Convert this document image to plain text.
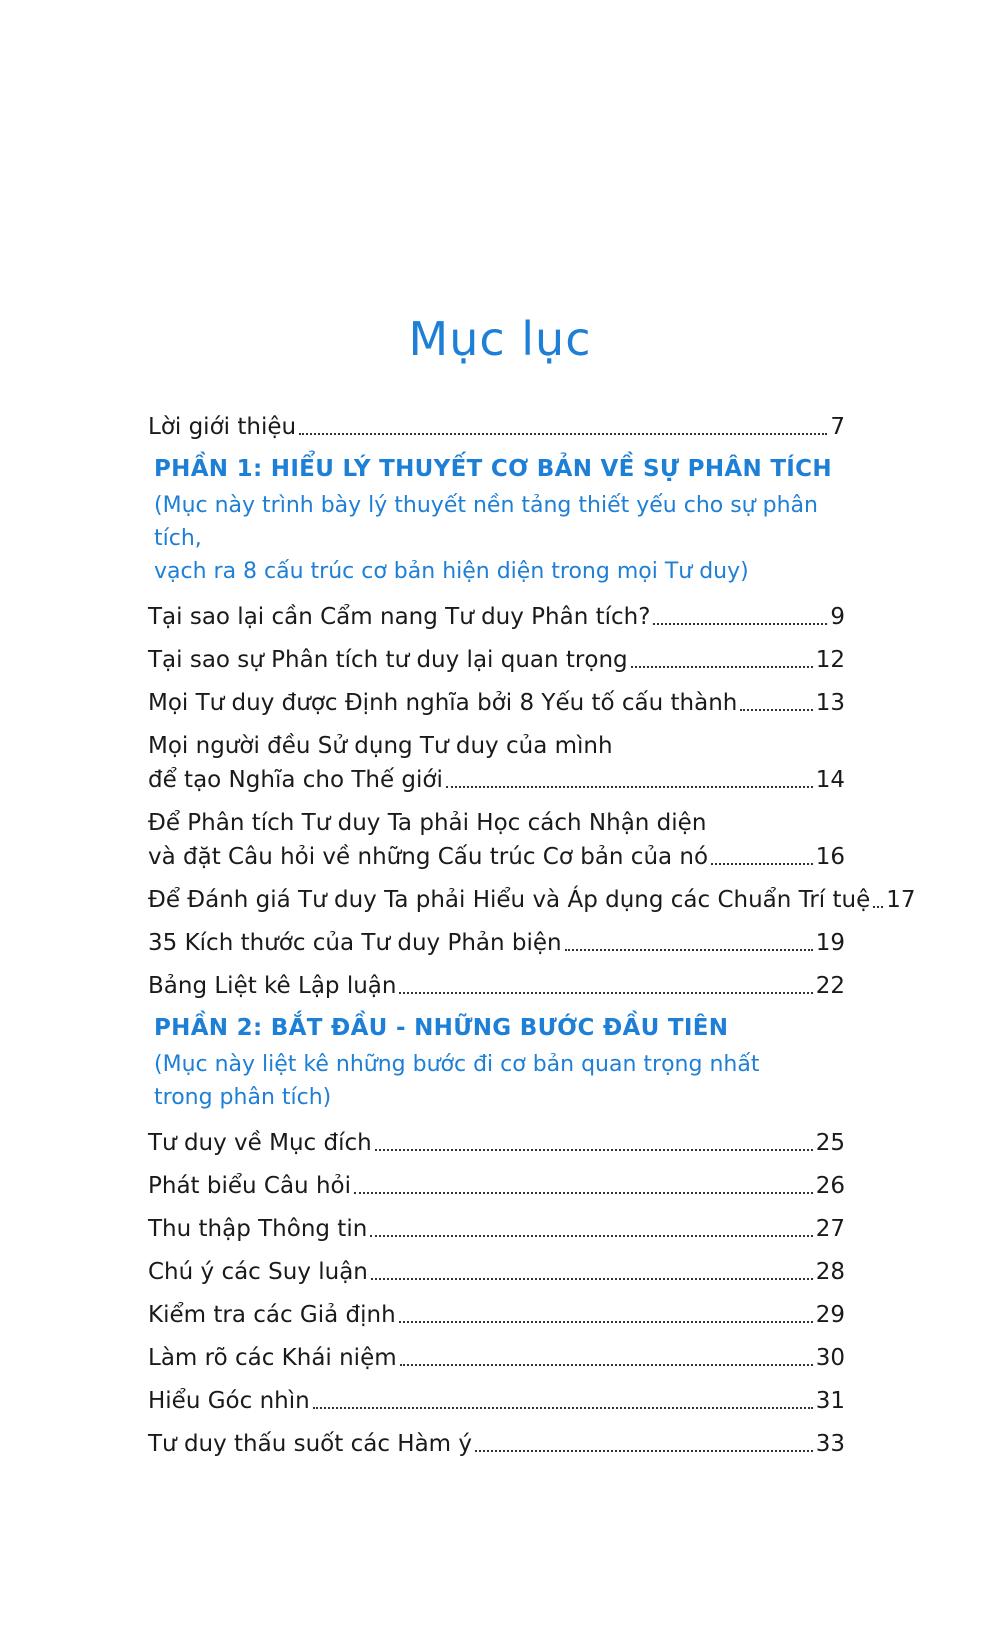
Mục lục
Lời giới thiệu	7
PHẦN 1: HIỂU LÝ THUYẾT CƠ BẢN VỀ SỰ PHÂN TÍCH
(Mục này trình bày lý thuyết nền tảng thiết yếu cho sự phân tích,
vạch ra 8 cấu trúc cơ bản hiện diện trong mọi Tư duy)
Tại sao lại cần Cẩm nang Tư duy Phân tích?	9
Tại sao sự Phân tích tư duy lại quan trọng	12
Mọi Tư duy được Định nghĩa bởi 8 Yếu tố cấu thành	13
Mọi người đều Sử dụng Tư duy của mình
để tạo Nghĩa cho Thế giới	14
Để Phân tích Tư duy Ta phải Học cách Nhận diện
và đặt Câu hỏi về những Cấu trúc Cơ bản của nó	16
Để Đánh giá Tư duy Ta phải Hiểu và Áp dụng các Chuẩn Trí tuệ 17
35 Kích thước của Tư duy Phản biện	19
Bảng Liệt kê Lập luận	22
PHẦN 2: BẮT ĐẦU - NHỮNG BƯỚC ĐẦU TIÊN
(Mục này liệt kê những bước đi cơ bản quan trọng nhất
trong phân tích)
Tư duy về Mục đích	25
Phát biểu Câu hỏi	26
Thu thập Thông tin	27
Chú ý các Suy luận	28
Kiểm tra các Giả định	29
Làm rõ các Khái niệm	30
Hiểu Góc nhìn	31
Tư duy thấu suốt các Hàm ý	33
